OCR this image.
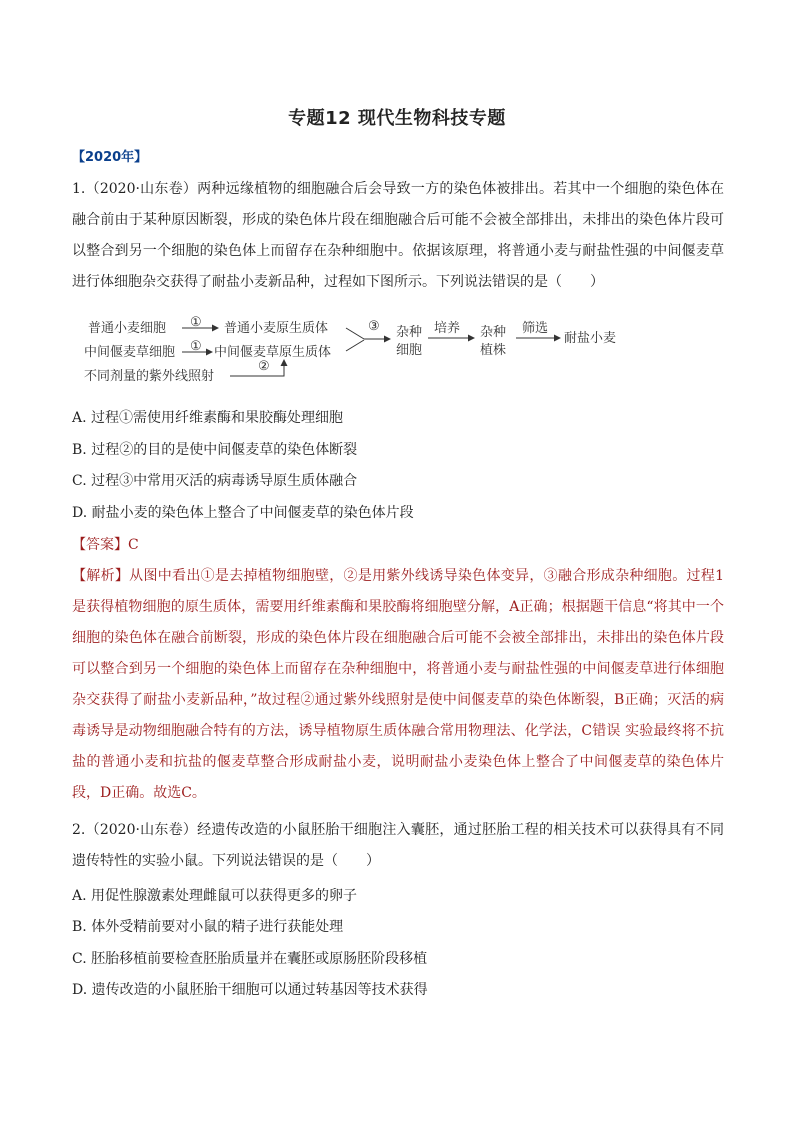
专题12 现代生物科技专题
【2020年】

1.（2020·山东卷）两种远缘植物的细胞融合后会导致一方的染色体被排出。若其中一个细胞的染色体在融合前由于某种原因断裂，形成的染色体片段在细胞融合后可能不会被全部排出，未排出的染色体片段可以整合到另一个细胞的染色体上而留存在杂种细胞中。依据该原理，将普通小麦与耐盐性强的中间偃麦草进行体细胞杂交获得了耐盐小麦新品种，过程如下图所示。下列说法错误的是（　　）

普通小麦细胞 ① 普通小麦原生质体
中间偃麦草细胞 ① 中间偃麦草原生质体
不同剂量的紫外线照射
②
③ 杂种
细胞
培养 杂种
植株
筛选
耐盐小麦
A. 过程①需使用纤维素酶和果胶酶处理细胞
B. 过程②的目的是使中间偃麦草的染色体断裂
C. 过程③中常用灭活的病毒诱导原生质体融合
D. 耐盐小麦的染色体上整合了中间偃麦草的染色体片段
【答案】C

【解析】从图中看出①是去掉植物细胞壁，②是用紫外线诱导染色体变异，③融合形成杂种细胞。过程1是获得植物细胞的原生质体，需要用纤维素酶和果胶酶将细胞壁分解，A正确；根据题干信息“将其中一个细胞的染色体在融合前断裂，形成的染色体片段在细胞融合后可能不会被全部排出，未排出的染色体片段可以整合到另一个细胞的染色体上而留存在杂种细胞中，将普通小麦与耐盐性强的中间偃麦草进行体细胞杂交获得了耐盐小麦新品种，”故过程②通过紫外线照射是使中间偃麦草的染色体断裂，B正确；灭活的病毒诱导是动物细胞融合特有的方法，诱导植物原生质体融合常用物理法、化学法，C错误 实验最终将不抗盐的普通小麦和抗盐的偃麦草整合形成耐盐小麦，说明耐盐小麦染色体上整合了中间偃麦草的染色体片段，D正确。故选C。

2.（2020·山东卷）经遗传改造的小鼠胚胎干细胞注入囊胚，通过胚胎工程的相关技术可以获得具有不同遗传特性的实验小鼠。下列说法错误的是（　　）

A. 用促性腺激素处理雌鼠可以获得更多的卵子
B. 体外受精前要对小鼠的精子进行获能处理
C. 胚胎移植前要检查胚胎质量并在囊胚或原肠胚阶段移植
D. 遗传改造的小鼠胚胎干细胞可以通过转基因等技术获得
